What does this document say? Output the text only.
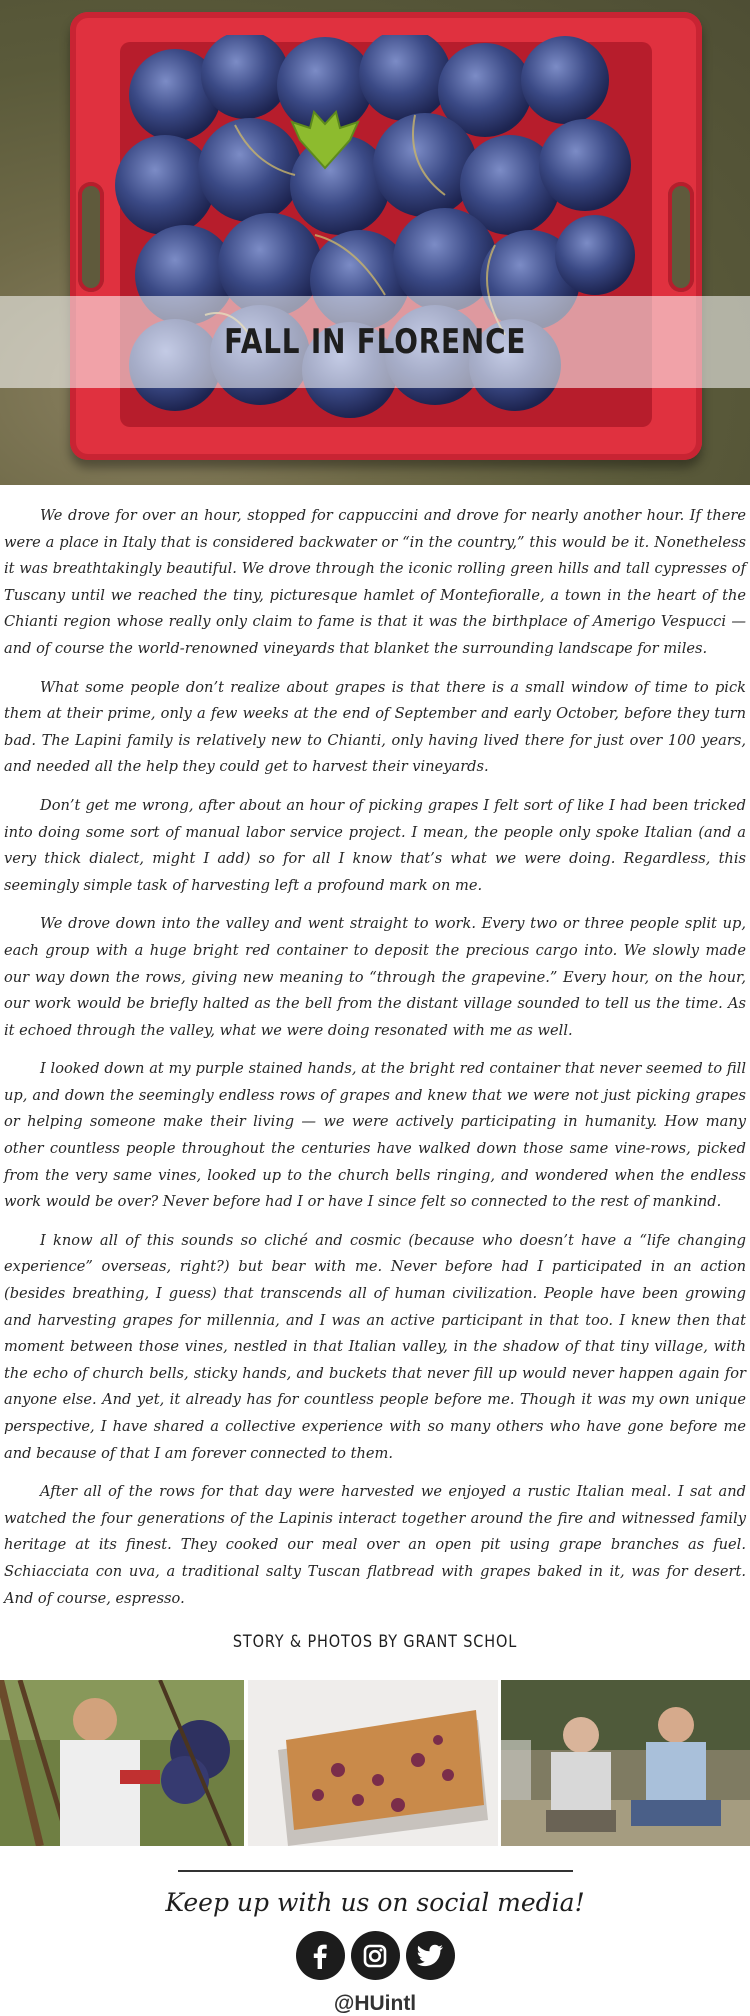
FALL IN FLORENCE

We drove for over an hour, stopped for cappuccini and drove for nearly another hour. If there were a place in Italy that is considered backwater or “in the country,” this would be it. Nonetheless it was breathtakingly beautiful. We drove through the iconic rolling green hills and tall cypresses of Tuscany until we reached the tiny, picturesque hamlet of Montefioralle, a town in the heart of the Chianti region whose really only claim to fame is that it was the birthplace of Amerigo Vespucci — and of course the world-renowned vineyards that blanket the surrounding landscape for miles.

What some people don’t realize about grapes is that there is a small window of time to pick them at their prime, only a few weeks at the end of September and early October, before they turn bad. The Lapini family is relatively new to Chianti, only having lived there for just over 100 years, and needed all the help they could get to harvest their vineyards.

Don’t get me wrong, after about an hour of picking grapes I felt sort of like I had been tricked into doing some sort of manual labor service project. I mean, the people only spoke Italian (and a very thick dialect, might I add) so for all I know that’s what we were doing. Regardless, this seemingly simple task of harvesting left a profound mark on me.

We drove down into the valley and went straight to work. Every two or three people split up, each group with a huge bright red container to deposit the precious cargo into. We slowly made our way down the rows, giving new meaning to “through the grapevine.” Every hour, on the hour, our work would be briefly halted as the bell from the distant village sounded to tell us the time. As it echoed through the valley, what we were doing resonated with me as well.

I looked down at my purple stained hands, at the bright red container that never seemed to fill up, and down the seemingly endless rows of grapes and knew that we were not just picking grapes or helping someone make their living — we were actively participating in humanity. How many other countless people throughout the centuries have walked down those same vine-rows, picked from the very same vines, looked up to the church bells ringing, and wondered when the endless work would be over? Never before had I or have I since felt so connected to the rest of mankind.

I know all of this sounds so cliché and cosmic (because who doesn’t have a “life changing experience” overseas, right?) but bear with me. Never before had I participated in an action (besides breathing, I guess) that transcends all of human civilization. People have been growing and harvesting grapes for millennia, and I was an active participant in that too. I knew then that moment between those vines, nestled in that Italian valley, in the shadow of that tiny village, with the echo of church bells, sticky hands, and buckets that never fill up would never happen again for anyone else. And yet, it already has for countless people before me. Though it was my own unique perspective, I have shared a collective experience with so many others who have gone before me and because of that I am forever connected to them.

After all of the rows for that day were harvested we enjoyed a rustic Italian meal. I sat and watched the four generations of the Lapinis interact together around the fire and witnessed family heritage at its finest. They cooked our meal over an open pit using grape branches as fuel. Schiacciata con uva, a traditional salty Tuscan flatbread with grapes baked in it, was for desert. And of course, espresso.

STORY & PHOTOS BY GRANT SCHOL
Keep up with us on social media!
@HUintl
